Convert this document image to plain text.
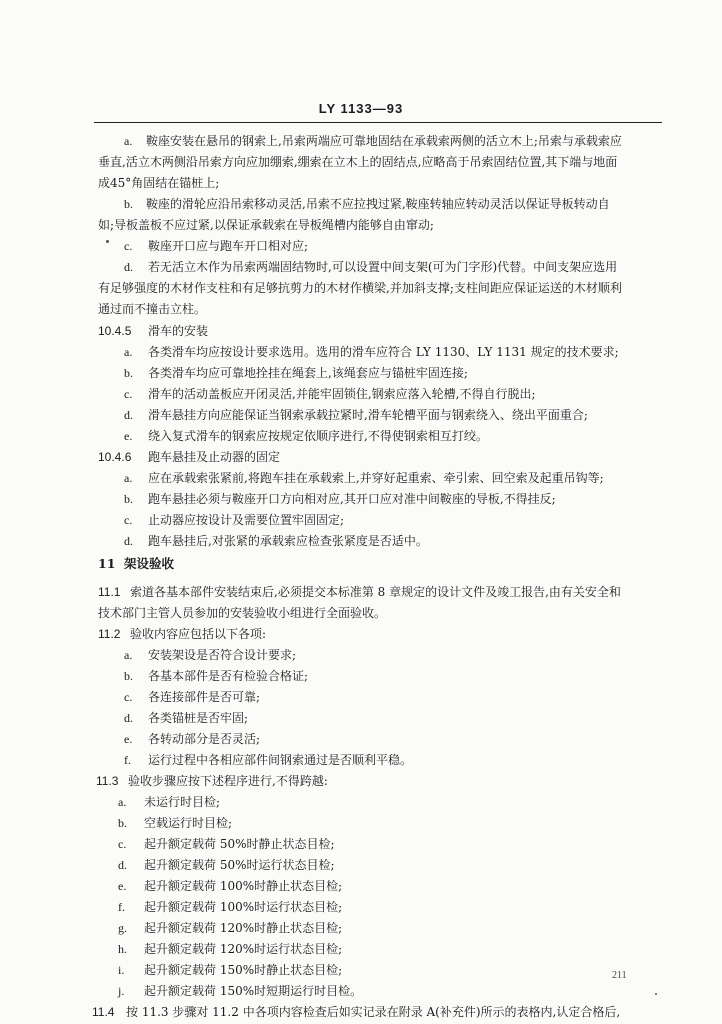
LY 1133—93
a. 鞍座安装在悬吊的钢索上,吊索两端应可靠地固结在承载索两侧的活立木上;吊索与承载索应
垂直,活立木两侧沿吊索方向应加绷索,绷索在立木上的固结点,应略高于吊索固结位置,其下端与地面
成45°角固结在锚桩上;
b. 鞍座的滑轮应沿吊索移动灵活,吊索不应拉拽过紧,鞍座转轴应转动灵活以保证导板转动自
如;导板盖板不应过紧,以保证承载索在导板绳槽内能够自由窜动;
c. 鞍座开口应与跑车开口相对应;
d. 若无活立木作为吊索两端固结物时,可以设置中间支架(可为门字形)代替。中间支架应选用
有足够强度的木材作支柱和有足够抗剪力的木材作横梁,并加斜支撑;支柱间距应保证运送的木材顺利
通过而不撞击立柱。
10.4.5 滑车的安装
a. 各类滑车均应按设计要求选用。选用的滑车应符合 LY 1130、LY 1131 规定的技术要求;
b. 各类滑车均应可靠地拴挂在绳套上,该绳套应与锚桩牢固连接;
c. 滑车的活动盖板应开闭灵活,并能牢固锁住,钢索应落入轮槽,不得自行脱出;
d. 滑车悬挂方向应能保证当钢索承载拉紧时,滑车轮槽平面与钢索绕入、绕出平面重合;
e. 绕入复式滑车的钢索应按规定依顺序进行,不得使钢索相互打绞。
10.4.6 跑车悬挂及止动器的固定
a. 应在承载索张紧前,将跑车挂在承载索上,并穿好起重索、牵引索、回空索及起重吊钩等;
b. 跑车悬挂必须与鞍座开口方向相对应,其开口应对准中间鞍座的导板,不得挂反;
c. 止动器应按设计及需要位置牢固固定;
d. 跑车悬挂后,对张紧的承载索应检查张紧度是否适中。
11 架设验收
11.1 索道各基本部件安装结束后,必须提交本标准第 8 章规定的设计文件及竣工报告,由有关安全和
技术部门主管人员参加的安装验收小组进行全面验收。
11.2 验收内容应包括以下各项:
a. 安装架设是否符合设计要求;
b. 各基本部件是否有检验合格证;
c. 各连接部件是否可靠;
d. 各类锚桩是否牢固;
e. 各转动部分是否灵活;
f. 运行过程中各相应部件间钢索通过是否顺利平稳。
11.3 验收步骤应按下述程序进行,不得跨越:
a. 未运行时目检;
b. 空载运行时目检;
c. 起升额定载荷 50%时静止状态目检;
d. 起升额定载荷 50%时运行状态目检;
e. 起升额定载荷 100%时静止状态目检;
f. 起升额定载荷 100%时运行状态目检;
g. 起升额定载荷 120%时静止状态目检;
h. 起升额定载荷 120%时运行状态目检;
i. 起升额定载荷 150%时静止状态目检;
j. 起升额定载荷 150%时短期运行时目检。
11.4 按 11.3 步骤对 11.2 中各项内容检查后如实记录在附录 A(补充件)所示的表格内,认定合格后,
211
